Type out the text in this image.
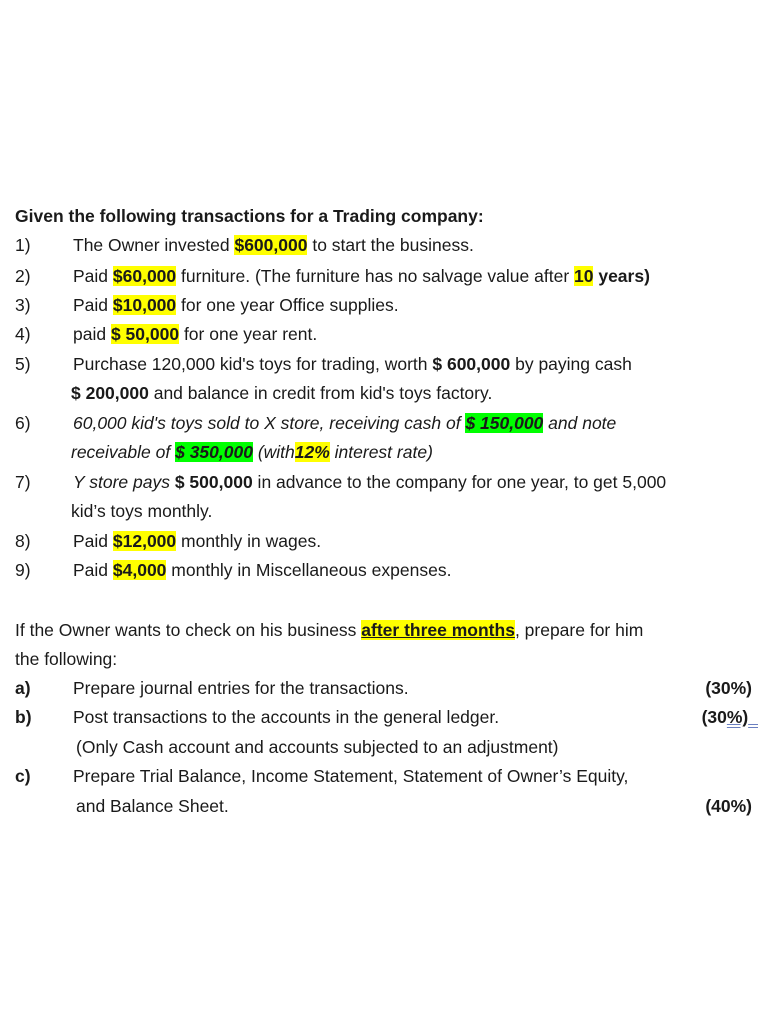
Given the following transactions for a Trading company:
1) The Owner invested $600,000 to start the business.
2) Paid $60,000 furniture. (The furniture has no salvage value after 10 years)
3) Paid $10,000 for one year Office supplies.
4) paid $ 50,000 for one year rent.
5) Purchase 120,000 kid's toys for trading, worth $ 600,000 by paying cash
$ 200,000 and balance in credit from kid's toys factory.
6) 60,000 kid's toys sold to X store, receiving cash of $ 150,000 and note
receivable of $ 350,000 (with12% interest rate)
7) Y store pays $ 500,000 in advance to the company for one year, to get 5,000
kid’s toys monthly.
8) Paid $12,000 monthly in wages.
9) Paid $4,000 monthly in Miscellaneous expenses.
If the Owner wants to check on his business after three months, prepare for him
the following:
a) Prepare journal entries for the transactions.	(30%)
b) Post transactions to the accounts in the general ledger.	(30%)
(Only Cash account and accounts subjected to an adjustment)
c) Prepare Trial Balance, Income Statement, Statement of Owner’s Equity,
and Balance Sheet.	(40%)
